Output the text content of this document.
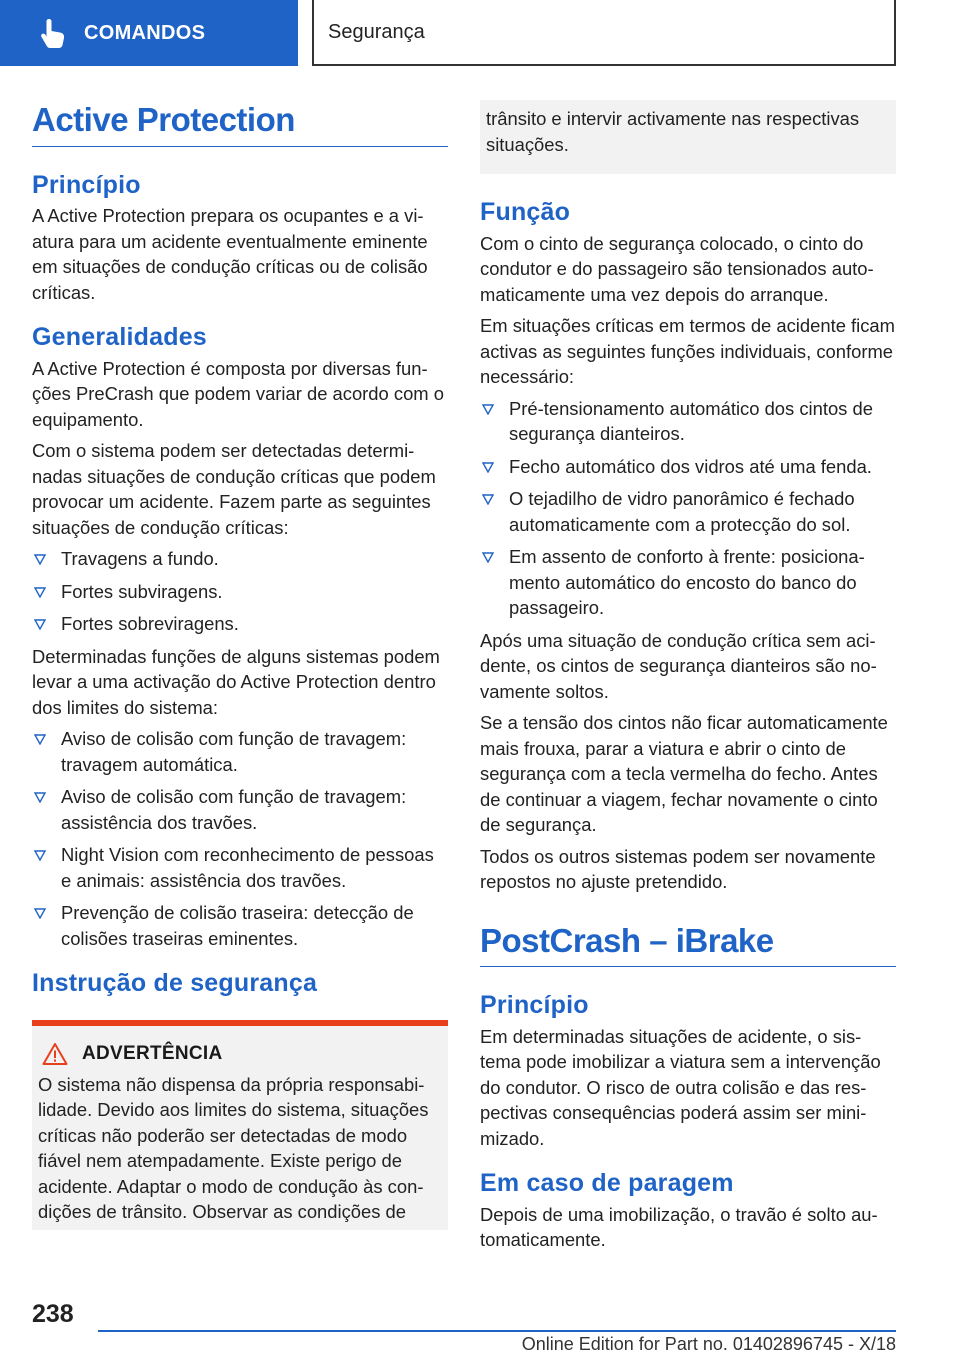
COMANDOS	Segurança
Active Protection
Princípio

A Active Protection prepara os ocupantes e a viatura para um acidente eventualmente eminente em situações de condução críticas ou de colisão críticas.

Generalidades

A Active Protection é composta por diversas funções PreCrash que podem variar de acordo com o equipamento.

Com o sistema podem ser detectadas determinadas situações de condução críticas que podem provocar um acidente. Fazem parte as seguintes situações de condução críticas:

Travagens a fundo.
Fortes subviragens.
Fortes sobreviragens.

Determinadas funções de alguns sistemas podem levar a uma activação do Active Protection dentro dos limites do sistema:

Aviso de colisão com função de travagem: travagem automática.
Aviso de colisão com função de travagem: assistência dos travões.
Night Vision com reconhecimento de pessoas e animais: assistência dos travões.
Prevenção de colisão traseira: detecção de colisões traseiras eminentes.
Instrução de segurança
ADVERTÊNCIA

O sistema não dispensa da própria responsabilidade. Devido aos limites do sistema, situações críticas não poderão ser detectadas de modo fiável nem atempadamente. Existe perigo de acidente. Adaptar o modo de condução às condições de trânsito. Observar as condições de

trânsito e intervir activamente nas respectivas situações.

Função

Com o cinto de segurança colocado, o cinto do condutor e do passageiro são tensionados automaticamente uma vez depois do arranque.

Em situações críticas em termos de acidente ficam activas as seguintes funções individuais, conforme necessário:

Pré-tensionamento automático dos cintos de segurança dianteiros.
Fecho automático dos vidros até uma fenda.
O tejadilho de vidro panorâmico é fechado automaticamente com a protecção do sol.
Em assento de conforto à frente: posicionamento automático do encosto do banco do passageiro.

Após uma situação de condução crítica sem acidente, os cintos de segurança dianteiros são novamente soltos.

Se a tensão dos cintos não ficar automaticamente mais frouxa, parar a viatura e abrir o cinto de segurança com a tecla vermelha do fecho. Antes de continuar a viagem, fechar novamente o cinto de segurança.

Todos os outros sistemas podem ser novamente repostos no ajuste pretendido.

PostCrash – iBrake
Princípio

Em determinadas situações de acidente, o sistema pode imobilizar a viatura sem a intervenção do condutor. O risco de outra colisão e das respectivas consequências poderá assim ser minimizado.

Em caso de paragem

Depois de uma imobilização, o travão é solto automaticamente.

238
Online Edition for Part no. 01402896745 - X/18
